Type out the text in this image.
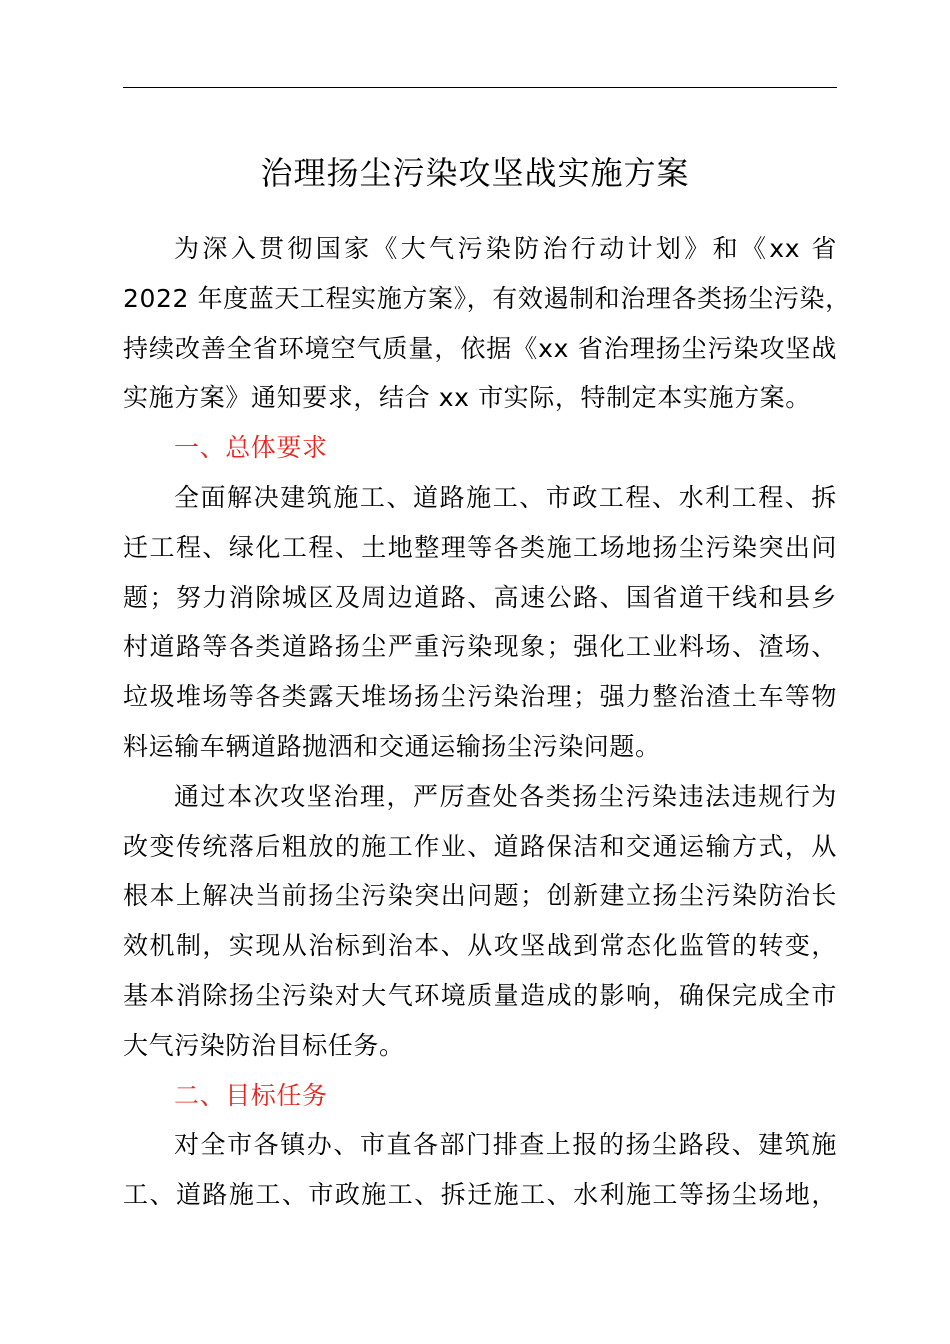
治理扬尘污染攻坚战实施方案
为深入贯彻国家《大气污染防治行动计划》和《xx 省
2022 年度蓝天工程实施方案》，有效遏制和治理各类扬尘污染，
持续改善全省环境空气质量，依据《xx 省治理扬尘污染攻坚战
实施方案》通知要求，结合 xx 市实际，特制定本实施方案。
一、总体要求
全面解决建筑施工、道路施工、市政工程、水利工程、拆
迁工程、绿化工程、土地整理等各类施工场地扬尘污染突出问
题；努力消除城区及周边道路、高速公路、国省道干线和县乡
村道路等各类道路扬尘严重污染现象；强化工业料场、渣场、
垃圾堆场等各类露天堆场扬尘污染治理；强力整治渣土车等物
料运输车辆道路抛洒和交通运输扬尘污染问题。
通过本次攻坚治理，严厉查处各类扬尘污染违法违规行为
改变传统落后粗放的施工作业、道路保洁和交通运输方式，从
根本上解决当前扬尘污染突出问题；创新建立扬尘污染防治长
效机制，实现从治标到治本、从攻坚战到常态化监管的转变，
基本消除扬尘污染对大气环境质量造成的影响，确保完成全市
大气污染防治目标任务。
二、目标任务
对全市各镇办、市直各部门排查上报的扬尘路段、建筑施
工、道路施工、市政施工、拆迁施工、水利施工等扬尘场地，
